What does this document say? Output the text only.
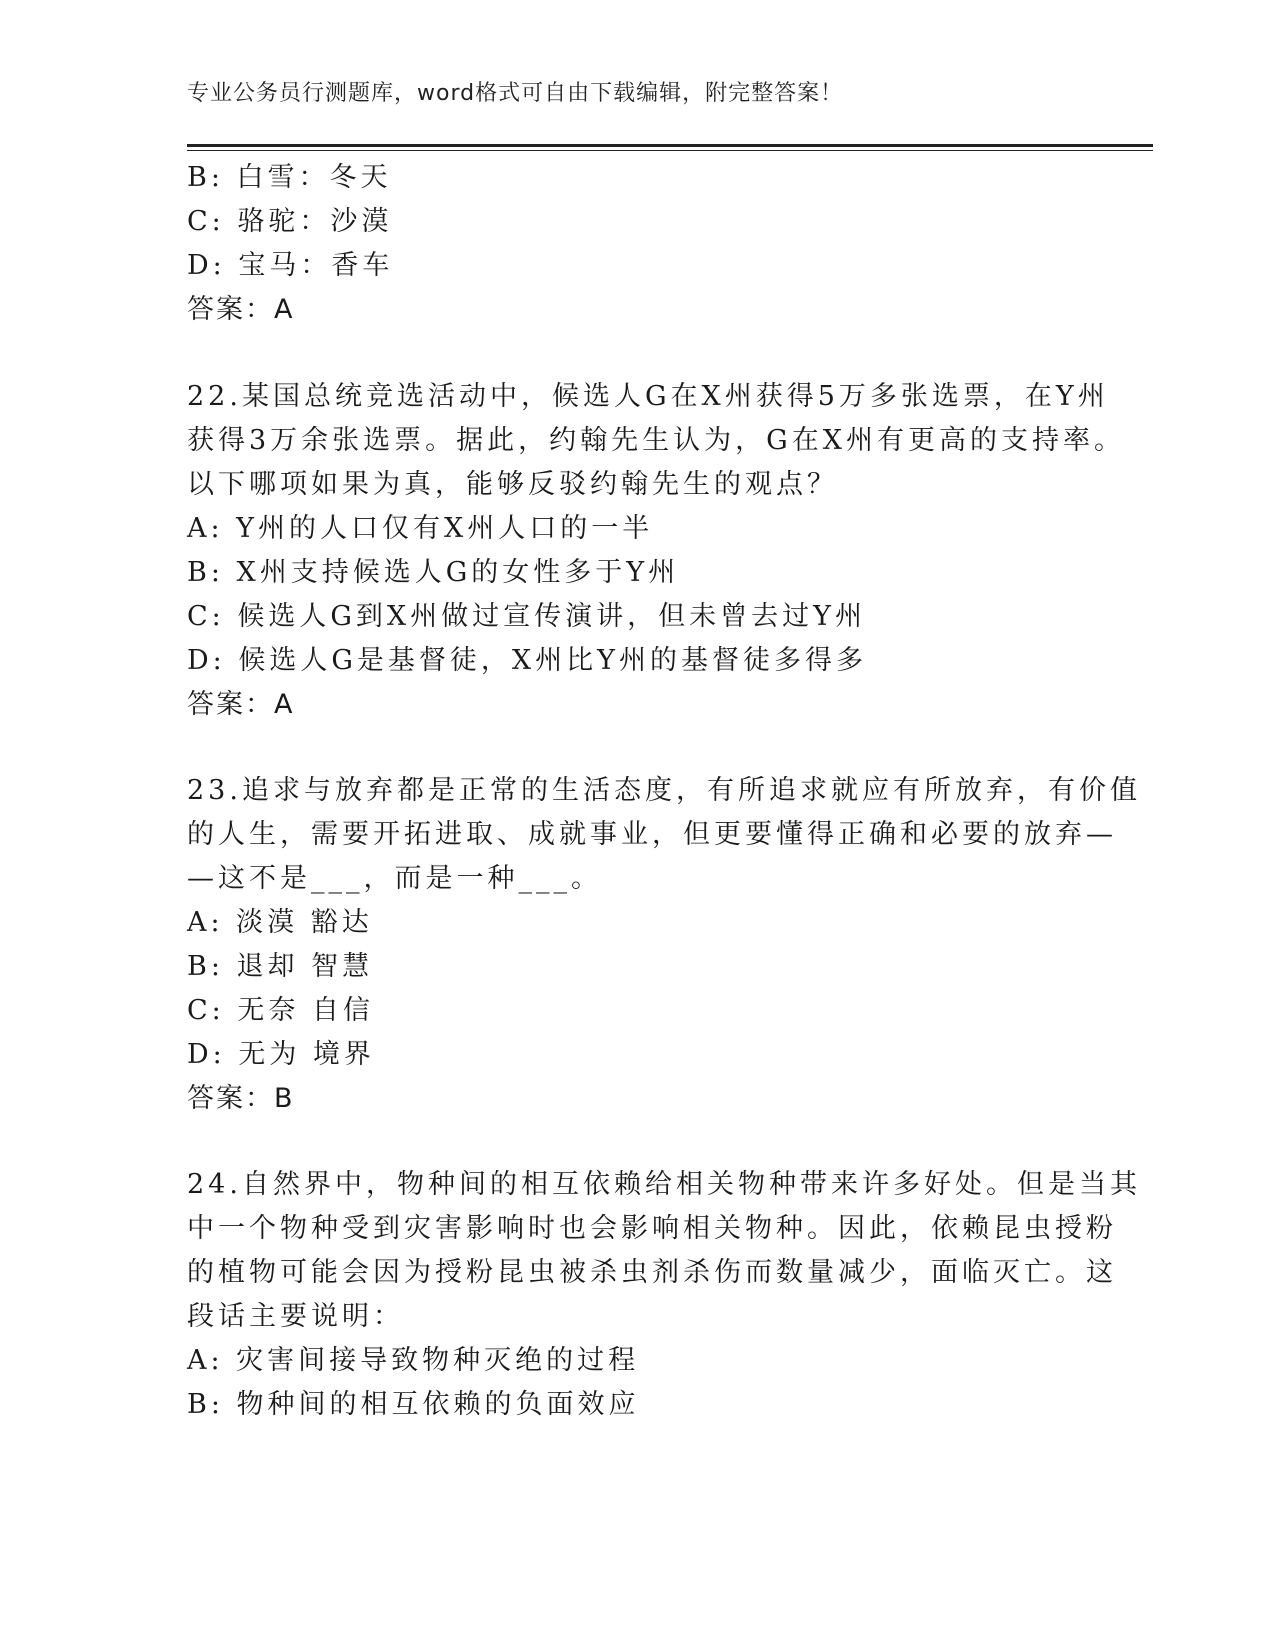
专业公务员行测题库，word格式可自由下载编辑，附完整答案！
B: 白雪：冬天
C: 骆驼：沙漠
D: 宝马：香车
答案：A
22.某国总统竞选活动中，候选人G在X州获得5万多张选票，在Y州
获得3万余张选票。据此，约翰先生认为，G在X州有更高的支持率。
以下哪项如果为真，能够反驳约翰先生的观点？
A: Y州的人口仅有X州人口的一半
B: X州支持候选人G的女性多于Y州
C: 候选人G到X州做过宣传演讲，但未曾去过Y州
D: 候选人G是基督徒，X州比Y州的基督徒多得多
答案：A
23.追求与放弃都是正常的生活态度，有所追求就应有所放弃，有价值
的人生，需要开拓进取、成就事业，但更要懂得正确和必要的放弃—
—这不是___，而是一种___。
A: 淡漠 豁达
B: 退却 智慧
C: 无奈 自信
D: 无为 境界
答案：B
24.自然界中，物种间的相互依赖给相关物种带来许多好处。但是当其
中一个物种受到灾害影响时也会影响相关物种。因此，依赖昆虫授粉
的植物可能会因为授粉昆虫被杀虫剂杀伤而数量减少，面临灭亡。这
段话主要说明：
A: 灾害间接导致物种灭绝的过程
B: 物种间的相互依赖的负面效应
